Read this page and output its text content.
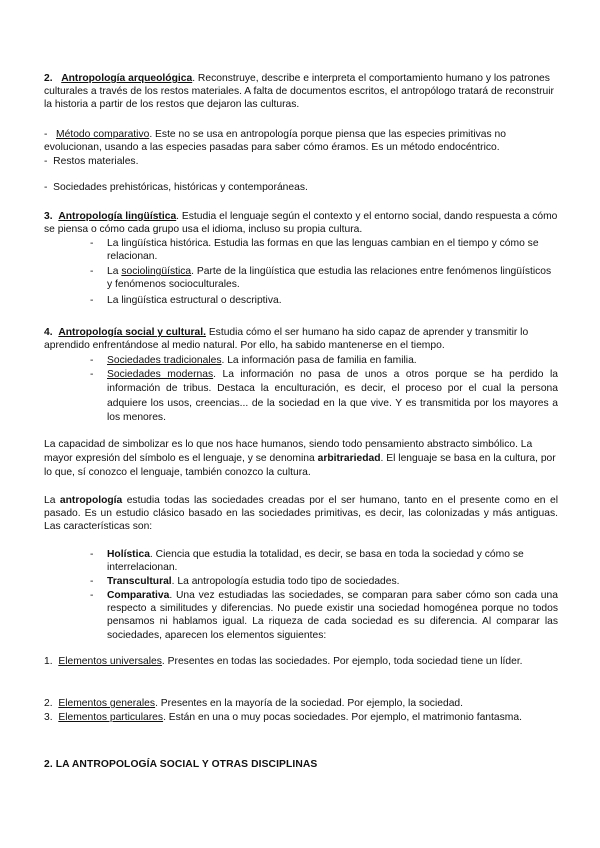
2. Antropología arqueológica. Reconstruye, describe e interpreta el comportamiento humano y los patrones culturales a través de los restos materiales. A falta de documentos escritos, el antropólogo tratará de reconstruir la historia a partir de los restos que dejaron las culturas.

- Método comparativo. Este no se usa en antropología porque piensa que las especies primitivas no evolucionan, usando a las especies pasadas para saber cómo éramos. Es un método endocéntrico.

- Restos materiales.

- Sociedades prehistóricas, históricas y contemporáneas.

3. Antropología lingüística. Estudia el lenguaje según el contexto y el entorno social, dando respuesta a cómo se piensa o cómo cada grupo usa el idioma, incluso su propia cultura.

- La lingüística histórica. Estudia las formas en que las lenguas cambian en el tiempo y cómo se relacionan.

- La sociolingüística. Parte de la lingüística que estudia las relaciones entre fenómenos lingüísticos y fenómenos socioculturales.

- La lingüística estructural o descriptiva.

4. Antropología social y cultural. Estudia cómo el ser humano ha sido capaz de aprender y transmitir lo aprendido enfrentándose al medio natural. Por ello, ha sabido mantenerse en el tiempo.

- Sociedades tradicionales. La información pasa de familia en familia.

- Sociedades modernas. La información no pasa de unos a otros porque se ha perdido la información de tribus. Destaca la enculturación, es decir, el proceso por el cual la persona adquiere los usos, creencias... de la sociedad en la que vive. Y es transmitida por los mayores a los menores.

La capacidad de simbolizar es lo que nos hace humanos, siendo todo pensamiento abstracto simbólico. La mayor expresión del símbolo es el lenguaje, y se denomina arbitrariedad. El lenguaje se basa en la cultura, por lo que, sí conozco el lenguaje, también conozco la cultura.

La antropología estudia todas las sociedades creadas por el ser humano, tanto en el presente como en el pasado. Es un estudio clásico basado en las sociedades primitivas, es decir, las colonizadas y más antiguas. Las características son:

- Holística. Ciencia que estudia la totalidad, es decir, se basa en toda la sociedad y cómo se interrelacionan.

- Transcultural. La antropología estudia todo tipo de sociedades.

- Comparativa. Una vez estudiadas las sociedades, se comparan para saber cómo son cada una respecto a similitudes y diferencias. No puede existir una sociedad homogénea porque no todos pensamos ni hablamos igual. La riqueza de cada sociedad es su diferencia. Al comparar las sociedades, aparecen los elementos siguientes:

1. Elementos universales. Presentes en todas las sociedades. Por ejemplo, toda sociedad tiene un líder.

2. Elementos generales. Presentes en la mayoría de la sociedad. Por ejemplo, la sociedad.

3. Elementos particulares. Están en una o muy pocas sociedades. Por ejemplo, el matrimonio fantasma.

2. LA ANTROPOLOGÍA SOCIAL Y OTRAS DISCIPLINAS
